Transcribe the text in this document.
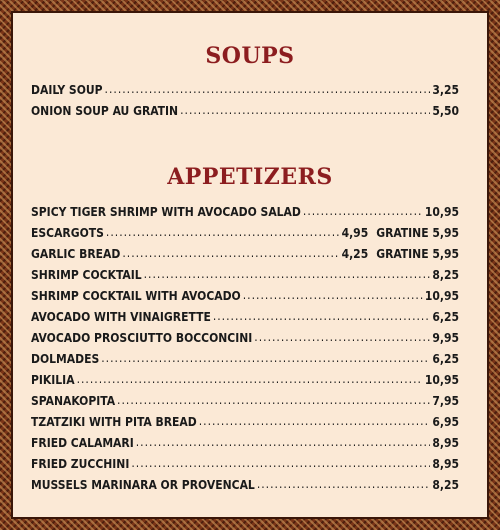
SOUPS
DAILY SOUP .....	3,25
ONION SOUP AU GRATIN .....	5,50
APPETIZERS
SPICY TIGER SHRIMP WITH AVOCADO SALAD .....	10,95
ESCARGOTS .....	4,95 GRATINE 5,95
GARLIC BREAD .....	4,25 GRATINE 5,95
SHRIMP COCKTAIL .....	8,25
SHRIMP COCKTAIL WITH AVOCADO .....	10,95
AVOCADO WITH VINAIGRETTE .....	6,25
AVOCADO PROSCIUTTO BOCCONCINI .....	9,95
DOLMADES .....	6,25
PIKILIA .....	10,95
SPANAKOPITA .....	7,95
TZATZIKI WITH PITA BREAD .....	6,95
FRIED CALAMARI .....	8,95
FRIED ZUCCHINI .....	8,95
MUSSELS MARINARA OR PROVENCAL .....	8,25
